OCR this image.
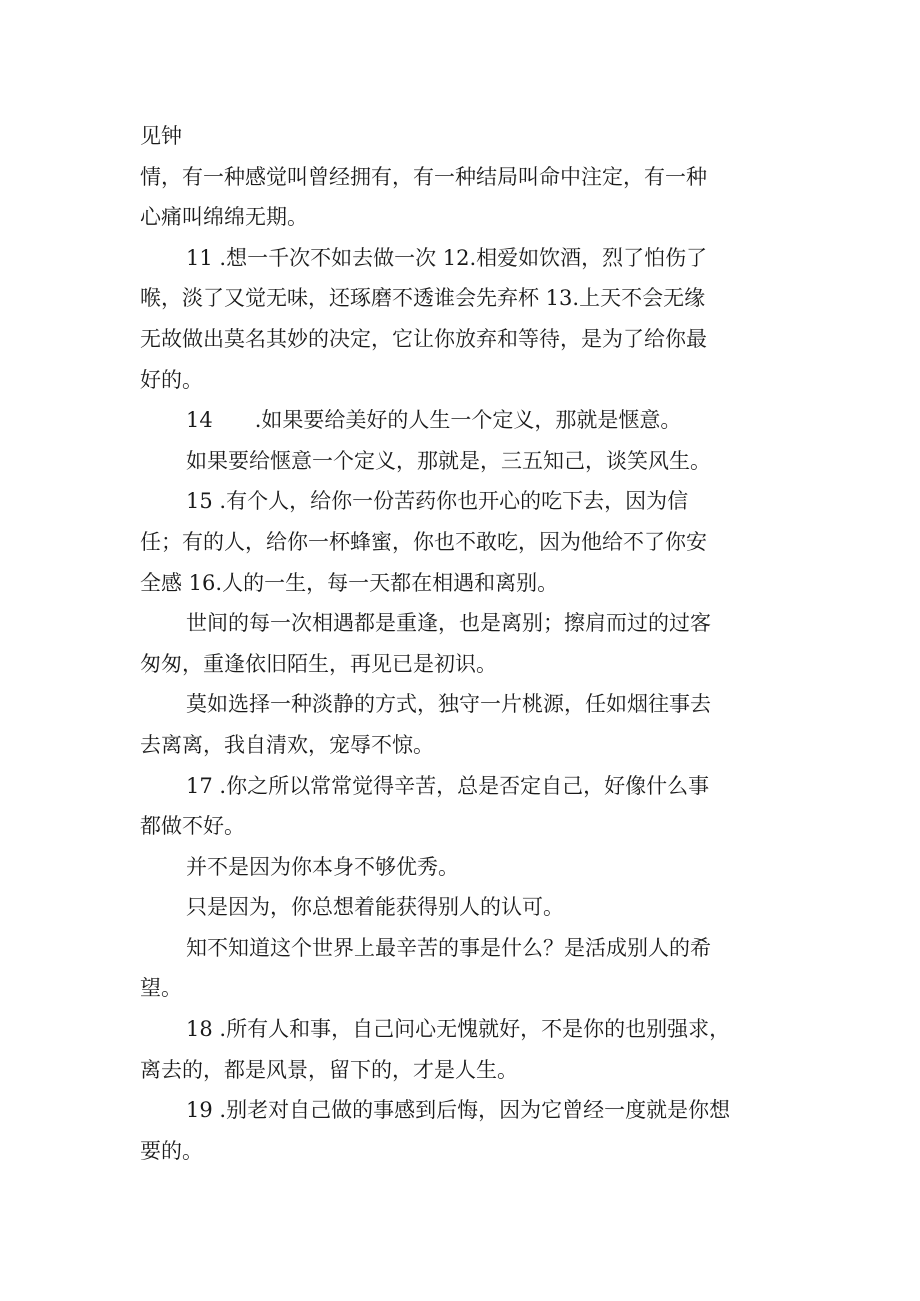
见钟
情，有一种感觉叫曾经拥有，有一种结局叫命中注定，有一种
心痛叫绵绵无期。
11 .想一千次不如去做一次 12.相爱如饮酒，烈了怕伤了
喉，淡了又觉无味，还琢磨不透谁会先弃杯 13.上天不会无缘
无故做出莫名其妙的决定，它让你放弃和等待，是为了给你最
好的。
14　　.如果要给美好的人生一个定义，那就是惬意。
如果要给惬意一个定义，那就是，三五知己，谈笑风生。
15 .有个人，给你一份苦药你也开心的吃下去，因为信
任；有的人，给你一杯蜂蜜，你也不敢吃，因为他给不了你安
全感 16.人的一生，每一天都在相遇和离别。
世间的每一次相遇都是重逢，也是离别；擦肩而过的过客
匆匆，重逢依旧陌生，再见已是初识。
莫如选择一种淡静的方式，独守一片桃源，任如烟往事去
去离离，我自清欢，宠辱不惊。
17 .你之所以常常觉得辛苦，总是否定自己，好像什么事
都做不好。
并不是因为你本身不够优秀。
只是因为，你总想着能获得别人的认可。
知不知道这个世界上最辛苦的事是什么？是活成别人的希
望。
18 .所有人和事，自己问心无愧就好，不是你的也别强求，
离去的，都是风景，留下的，才是人生。
19 .别老对自己做的事感到后悔，因为它曾经一度就是你想
要的。
